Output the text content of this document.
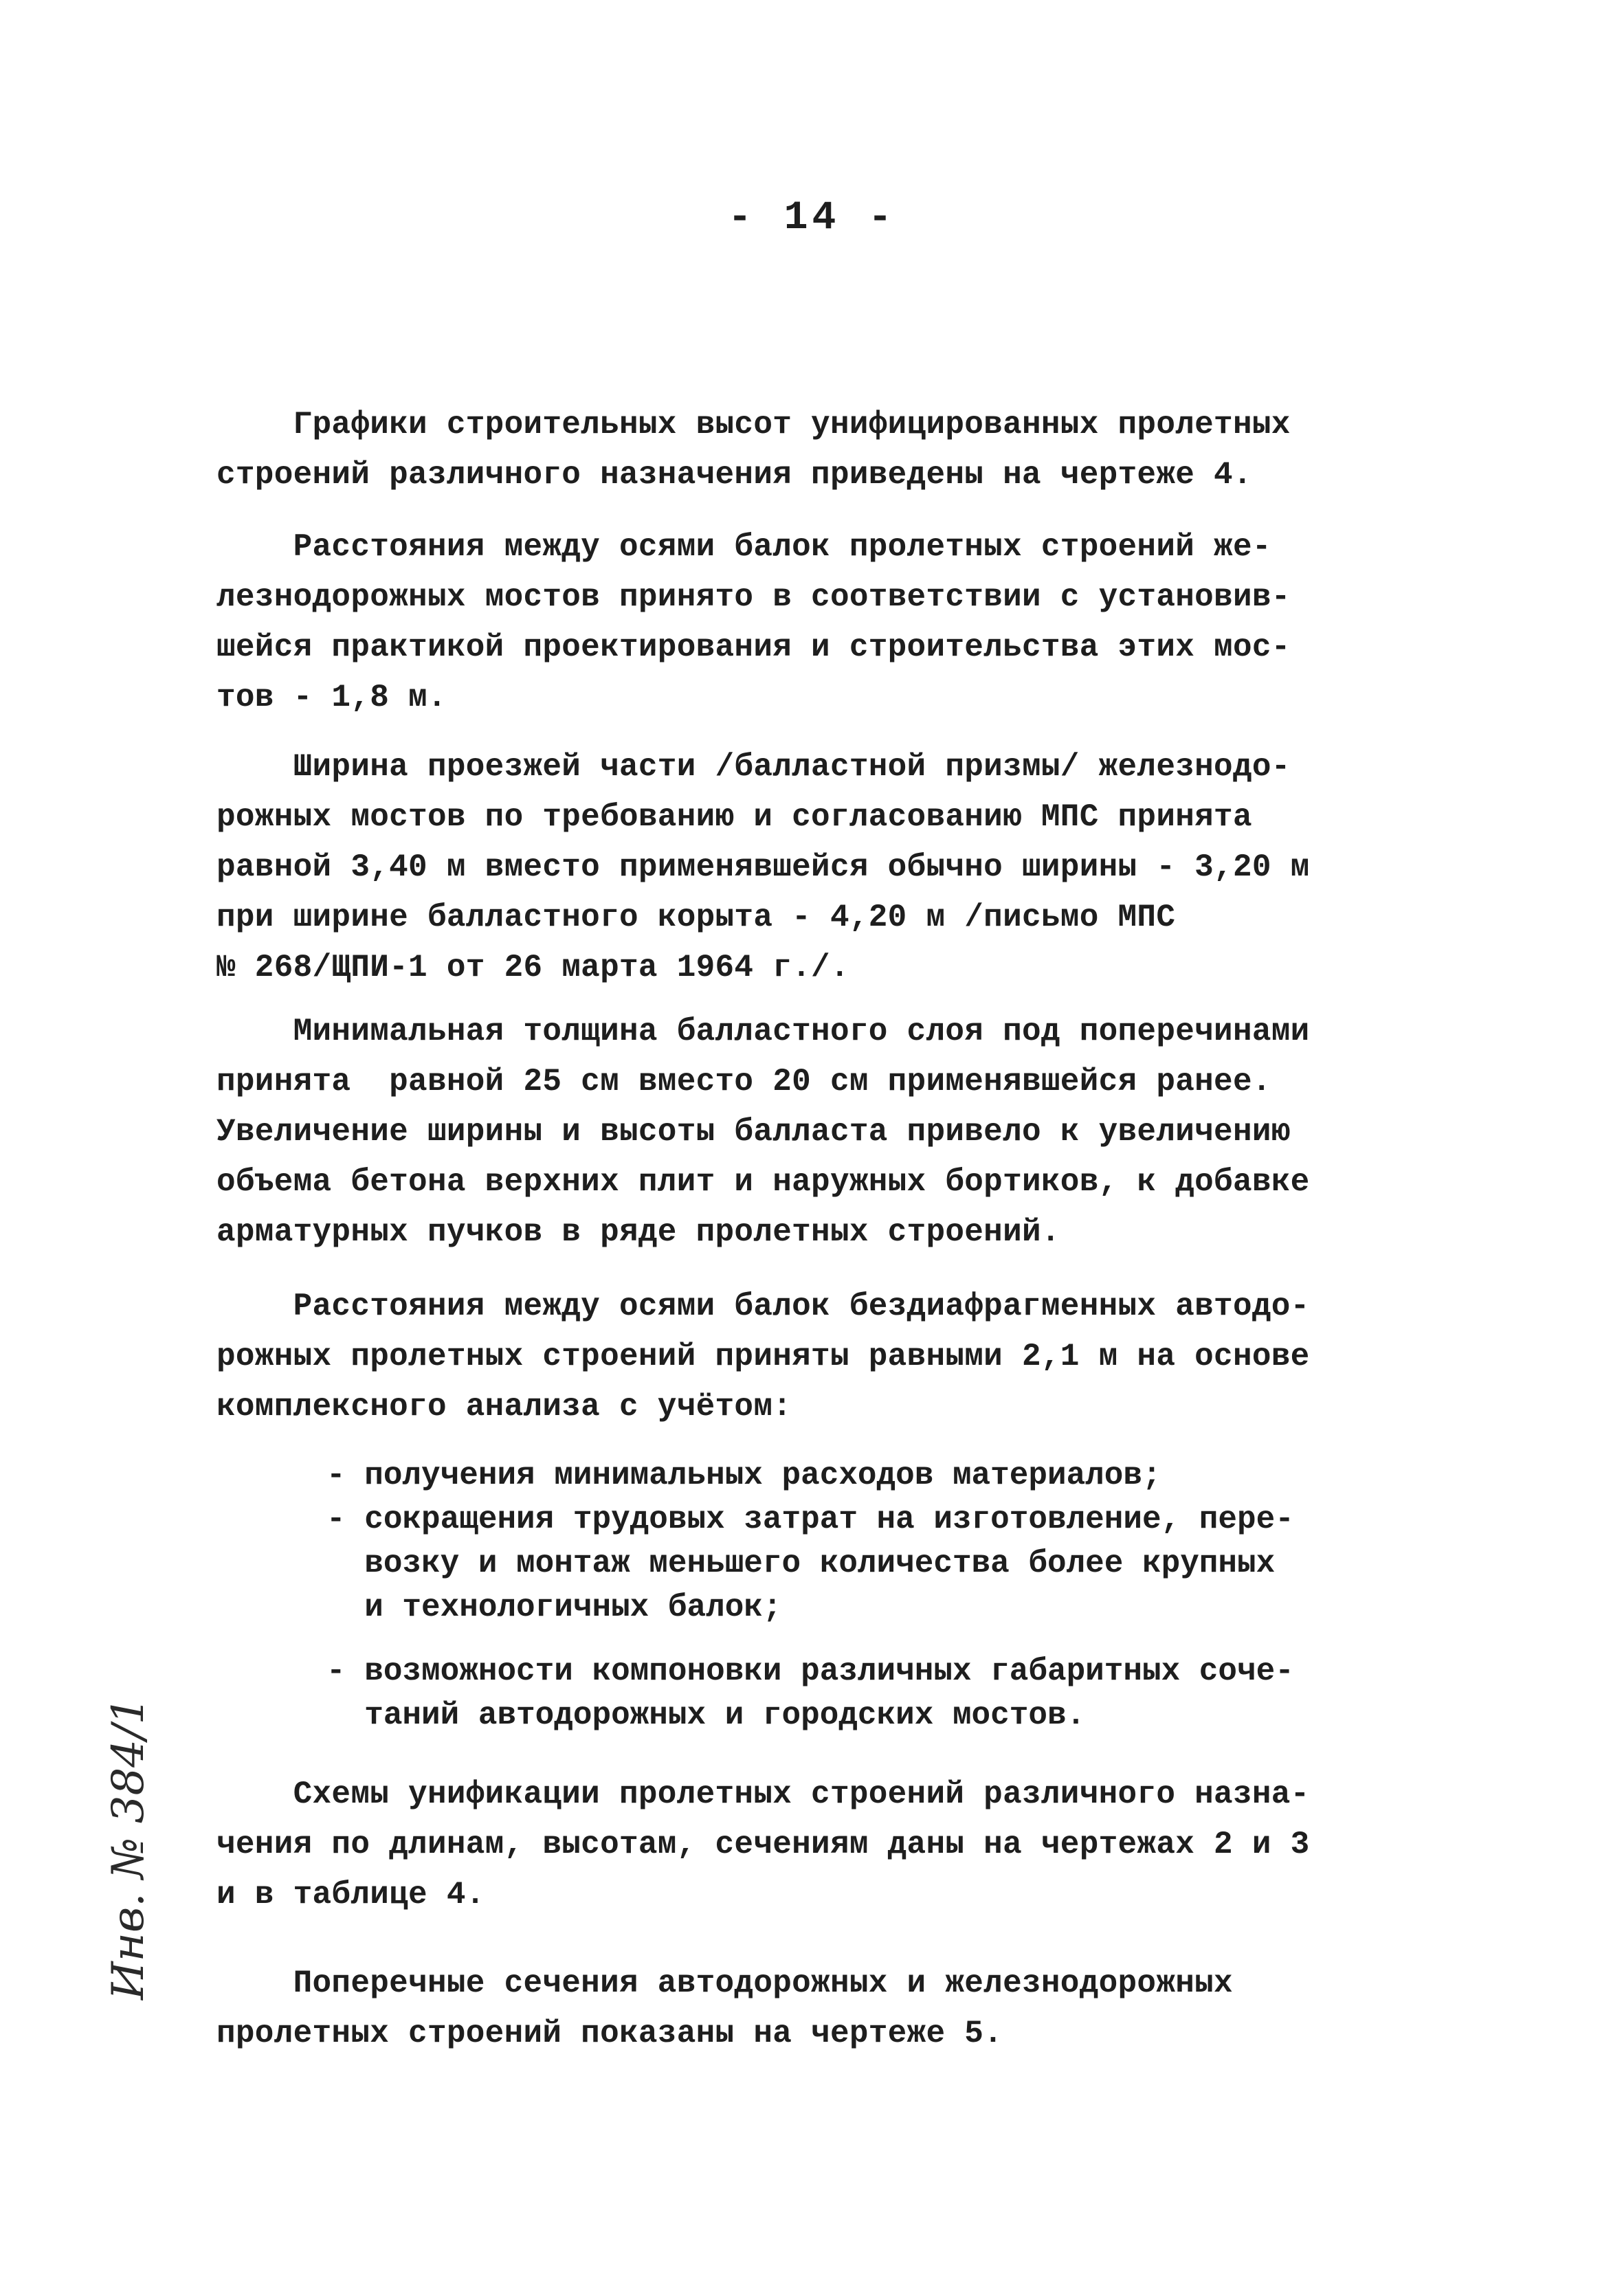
- 14 -
Графики строительных высот унифицированных пролетных
строений различного назначения приведены на чертеже 4.
Расстояния между осями балок пролетных строений же-
лезнодорожных мостов принято в соответствии с установив-
шейся практикой проектирования и строительства этих мос-
тов - 1,8 м.
Ширина проезжей части /балластной призмы/ железнодо-
рожных мостов по требованию и согласованию МПС принята
равной 3,40 м вместо применявшейся обычно ширины - 3,20 м
при ширине балластного корыта - 4,20 м /письмо МПС
№ 268/ЩПИ-1 от 26 марта 1964 г./.
Минимальная толщина балластного слоя под поперечинами
принята  равной 25 см вместо 20 см применявшейся ранее.
Увеличение ширины и высоты балласта привело к увеличению
объема бетона верхних плит и наружных бортиков, к добавке
арматурных пучков в ряде пролетных строений.
Расстояния между осями балок бездиафрагменных автодо-
рожных пролетных строений приняты равными 2,1 м на основе
комплексного анализа с учётом:
- получения минимальных расходов материалов;
- сокращения трудовых затрат на изготовление, пере-
возку и монтаж меньшего количества более крупных
и технологичных балок;
- возможности компоновки различных габаритных соче-
таний автодорожных и городских мостов.
Схемы унификации пролетных строений различного назна-
чения по длинам, высотам, сечениям даны на чертежах 2 и 3
и в таблице 4.
Поперечные сечения автодорожных и железнодорожных
пролетных строений показаны на чертеже 5.
Инв. № 384/1
